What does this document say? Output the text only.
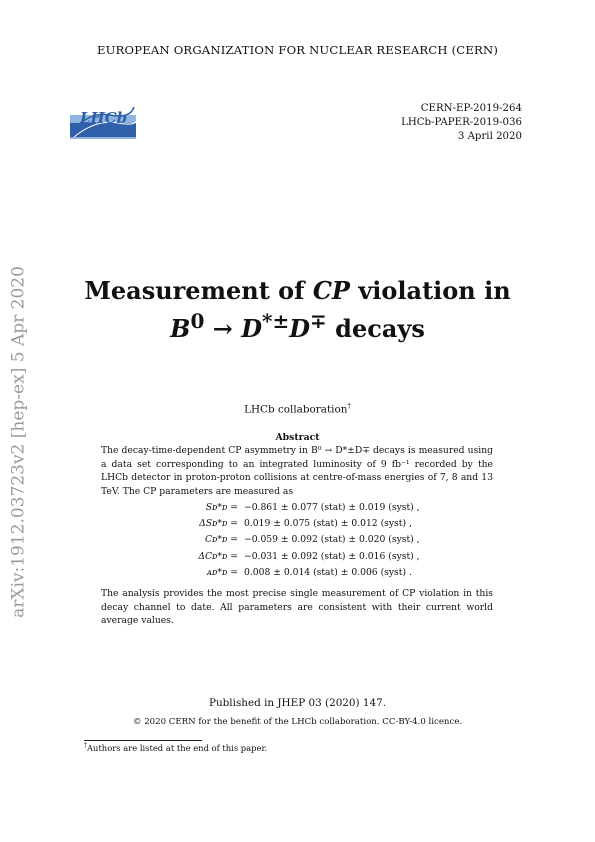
EUROPEAN ORGANIZATION FOR NUCLEAR RESEARCH (CERN)
LHCb
CERN-EP-2019-264
LHCb-PAPER-2019-036
3 April 2020
arXiv:1912.03723v2 [hep-ex] 5 Apr 2020	Measurement of CP violation in
$B^0 \to D^{*\pm}D^\mp$ decays
LHCb collaboration†
Abstract
The decay-time-dependent CP asymmetry in B⁰ → D*±D∓ decays is measured using a data set corresponding to an integrated luminosity of 9 fb⁻¹ recorded by the LHCb detector in proton-proton collisions at centre-of-mass energies of 7, 8 and 13 TeV. The CP parameters are measured as
Sᴅ*ᴅ = −0.861 ± 0.077 (stat) ± 0.019 (syst) ,
ΔSᴅ*ᴅ = 0.019 ± 0.075 (stat) ± 0.012 (syst) ,
Cᴅ*ᴅ = −0.059 ± 0.092 (stat) ± 0.020 (syst) ,
ΔCᴅ*ᴅ = −0.031 ± 0.092 (stat) ± 0.016 (syst) ,
ᴀᴅ*ᴅ = 0.008 ± 0.014 (stat) ± 0.006 (syst) .
The analysis provides the most precise single measurement of CP violation in this decay channel to date. All parameters are consistent with their current world average values.
Published in JHEP 03 (2020) 147.
© 2020 CERN for the benefit of the LHCb collaboration. CC-BY-4.0 licence.
†Authors are listed at the end of this paper.
